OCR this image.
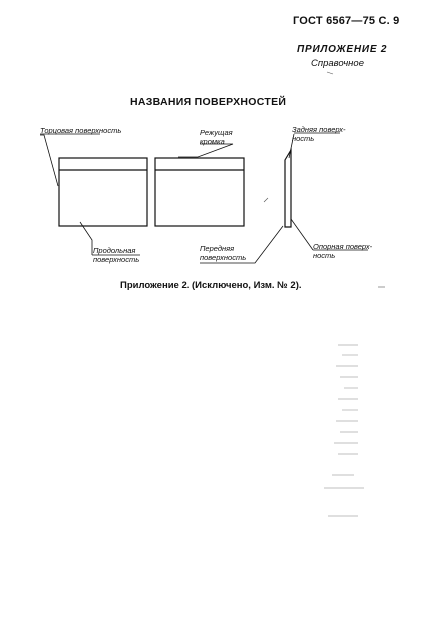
ГОСТ 6567—75 С. 9
ПРИЛОЖЕНИЕ 2
Справочное
НАЗВАНИЯ ПОВЕРХНОСТЕЙ
Торцовая поверхность	Режущая
кромка
Задняя поверх-
ность
Продольная
поверхность
Передняя
поверхность
Опорная поверх-
ность
Приложение 2. (Исключено, Изм. № 2).
